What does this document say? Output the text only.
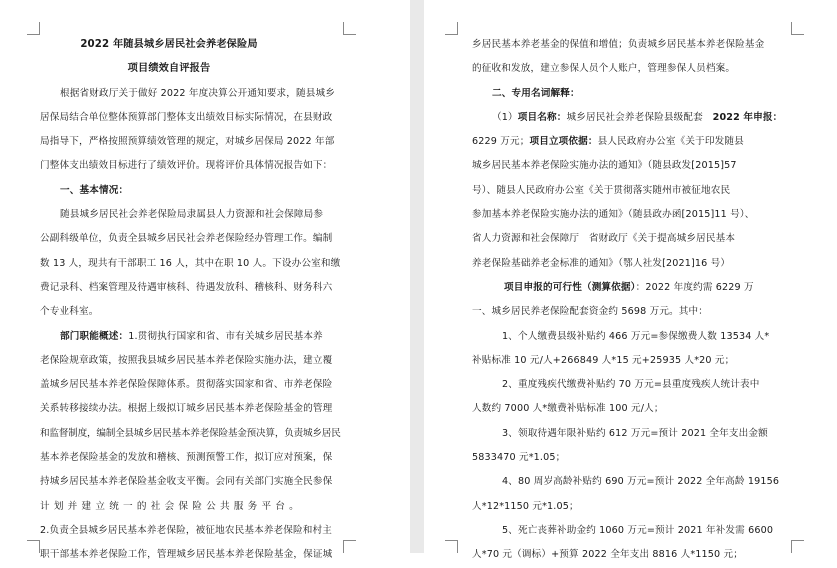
2022 年随县城乡居民社会养老保险局
项目绩效自评报告
根据省财政厅关于做好 2022 年度决算公开通知要求，随县城乡
居保局结合单位整体预算部门整体支出绩效目标实际情况，在县财政
局指导下，严格按照预算绩效管理的规定，对城乡居保局 2022 年部
门整体支出绩效目标进行了绩效评价。现将评价具体情况报告如下：
一、基本情况：
随县城乡居民社会养老保险局隶属县人力资源和社会保障局参
公副科级单位，负责全县城乡居民社会养老保险经办管理工作。编制
数 13 人，现共有干部职工 16 人，其中在职 10 人。下设办公室和缴
费记录科、档案管理及待遇审核科、待遇发放科、稽核科、财务科六
个专业科室。
部门职能概述：1.贯彻执行国家和省、市有关城乡居民基本养
老保险规章政策，按照我县城乡居民基本养老保险实施办法，建立覆
盖城乡居民基本养老保险保障体系。贯彻落实国家和省、市养老保险
关系转移接续办法。根据上级拟订城乡居民基本养老保险基金的管理
和监督制度，编制全县城乡居民基本养老保险基金预决算，负责城乡居民
基本养老保险基金的发放和稽核、预测预警工作，拟订应对预案，保
持城乡居民基本养老保险基金收支平衡。会同有关部门实施全民参保
计 划 并 建 立 统 一 的 社 会 保 险 公 共 服 务 平 台 。
2.负责全县城乡居民基本养老保险，被征地农民基本养老保险和村主
职干部基本养老保险工作，管理城乡居民基本养老保险基金，保证城
乡居民基本养老基金的保值和增值；负责城乡居民基本养老保险基金
的征收和发放，建立参保人员个人账户，管理参保人员档案。
二、专用名词解释：
（1）项目名称：城乡居民社会养老保险县级配套　2022 年申报：
6229 万元；项目立项依据：县人民政府办公室《关于印发随县
城乡居民基本养老保险实施办法的通知》（随县政发[2015]57
号）、随县人民政府办公室《关于贯彻落实随州市被征地农民
参加基本养老保险实施办法的通知》（随县政办函[2015]11 号）、
省人力资源和社会保障厅　省财政厅《关于提高城乡居民基本
养老保险基础养老金标准的通知》（鄂人社发[2021]16 号）
项目申报的可行性（测算依据）：2022 年度约需 6229 万
一、城乡居民养老保险配套资金约 5698 万元。其中：
1、个人缴费县级补贴约 466 万元=参保缴费人数 13534 人*
补贴标准 10 元/人+266849 人*15 元+25935 人*20 元；
2、重度残疾代缴费补贴约 70 万元=县重度残疾人统计表中
人数约 7000 人*缴费补贴标准 100 元/人；
3、领取待遇年限补贴约 612 万元=预计 2021 全年支出金额
5833470 元*1.05；
4、80 周岁高龄补贴约 690 万元=预计 2022 全年高龄 19156
人*12*1150 元*1.05；
5、死亡丧葬补助金约 1060 万元=预计 2021 年补发需 6600
人*70 元（调标）+预算 2022 全年支出 8816 人*1150 元；
